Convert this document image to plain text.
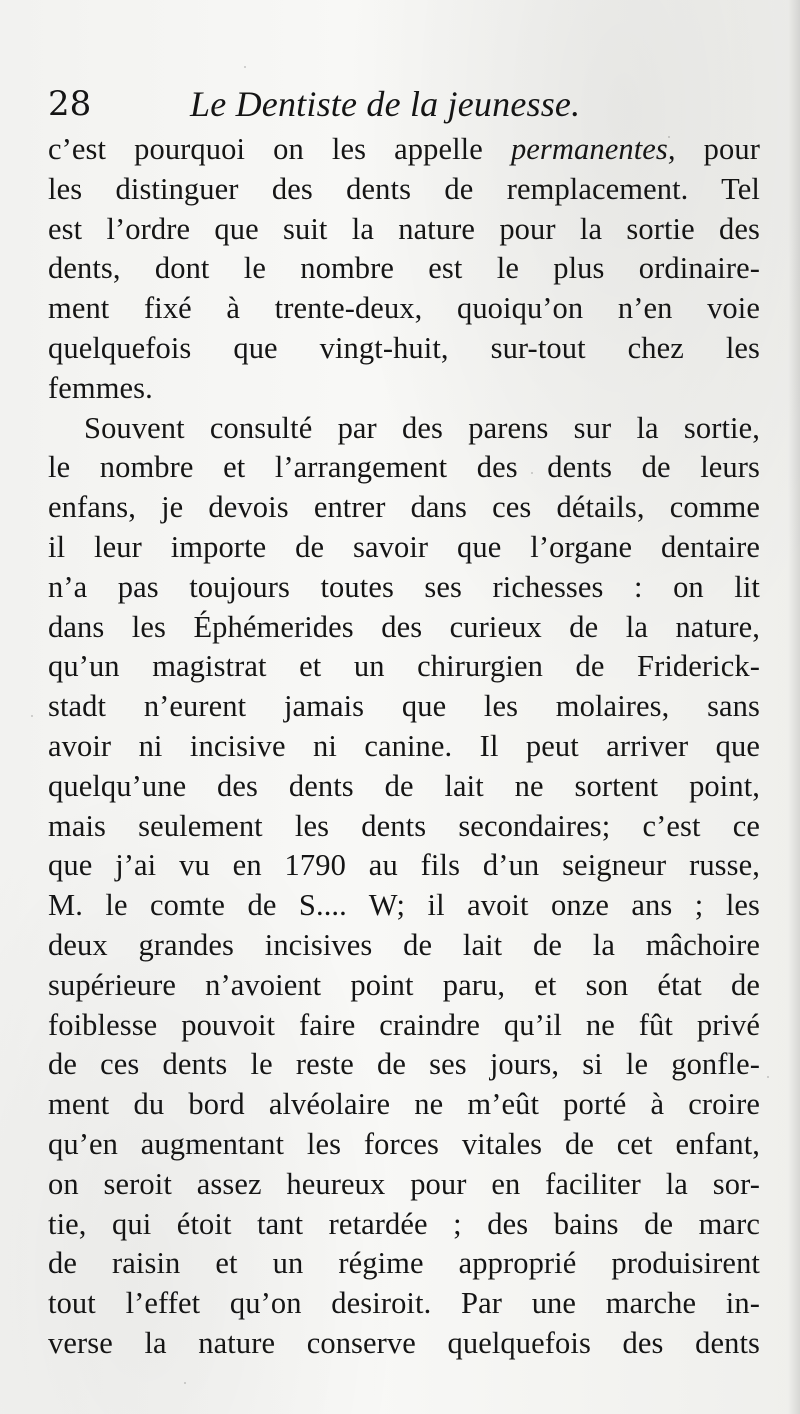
28	Le Dentiste de la jeunesse.
c’est pourquoi on les appelle permanentes, pour
les distinguer des dents de remplacement. Tel
est l’ordre que suit la nature pour la sortie des
dents, dont le nombre est le plus ordinaire-
ment fixé à trente-deux, quoiqu’on n’en voie
quelquefois que vingt-huit, sur-tout chez les
femmes.
Souvent consulté par des parens sur la sortie,
le nombre et l’arrangement des dents de leurs
enfans, je devois entrer dans ces détails, comme
il leur importe de savoir que l’organe dentaire
n’a pas toujours toutes ses richesses : on lit
dans les Éphémerides des curieux de la nature,
qu’un magistrat et un chirurgien de Friderick-
stadt n’eurent jamais que les molaires, sans
avoir ni incisive ni canine. Il peut arriver que
quelqu’une des dents de lait ne sortent point,
mais seulement les dents secondaires; c’est ce
que j’ai vu en 1790 au fils d’un seigneur russe,
M. le comte de S.... W; il avoit onze ans ; les
deux grandes incisives de lait de la mâchoire
supérieure n’avoient point paru, et son état de
foiblesse pouvoit faire craindre qu’il ne fût privé
de ces dents le reste de ses jours, si le gonfle-
ment du bord alvéolaire ne m’eût porté à croire
qu’en augmentant les forces vitales de cet enfant,
on seroit assez heureux pour en faciliter la sor-
tie, qui étoit tant retardée ; des bains de marc
de raisin et un régime approprié produisirent
tout l’effet qu’on desiroit. Par une marche in-
verse la nature conserve quelquefois des dents
